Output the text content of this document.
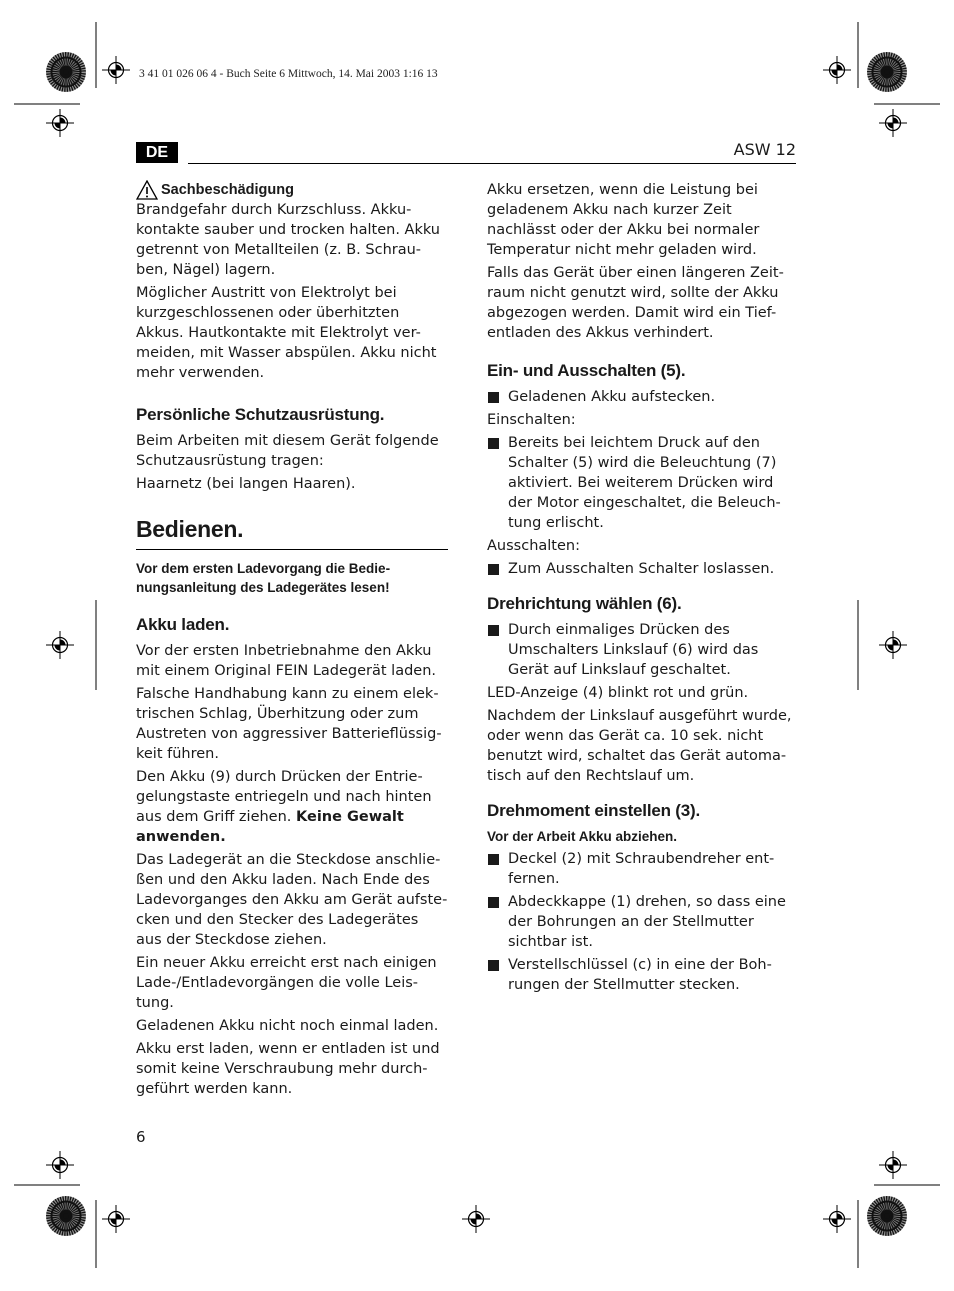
3 41 01 026 06 4 - Buch Seite 6 Mittwoch, 14. Mai 2003 1:16 13
DE	ASW 12
Sachbeschädigung

Brandgefahr durch Kurzschluss. Akku-kontakte sauber und trocken halten. Akku getrennt von Metallteilen (z. B. Schrau-ben, Nägel) lagern.

Möglicher Austritt von Elektrolyt bei kurzgeschlossenen oder überhitzten Akkus. Hautkontakte mit Elektrolyt ver-meiden, mit Wasser abspülen. Akku nicht mehr verwenden.

Persönliche Schutzausrüstung.

Beim Arbeiten mit diesem Gerät folgende Schutzausrüstung tragen:

Haarnetz (bei langen Haaren).

Bedienen.
Vor dem ersten Ladevorgang die Bedie-nungsanleitung des Ladegerätes lesen!
Akku laden.

Vor der ersten Inbetriebnahme den Akku mit einem Original FEIN Ladegerät laden.

Falsche Handhabung kann zu einem elek-trischen Schlag, Überhitzung oder zum Austreten von aggressiver Batterieflüssig-keit führen.

Den Akku (9) durch Drücken der Entrie-gelungstaste entriegeln und nach hinten aus dem Griff ziehen. Keine Gewalt anwenden.

Das Ladegerät an die Steckdose anschlie-ßen und den Akku laden. Nach Ende des Ladevorganges den Akku am Gerät aufste-cken und den Stecker des Ladegerätes aus der Steckdose ziehen.

Ein neuer Akku erreicht erst nach einigen Lade-/Entladevorgängen die volle Leis-tung.

Geladenen Akku nicht noch einmal laden.

Akku erst laden, wenn er entladen ist und somit keine Verschraubung mehr durch-geführt werden kann.

Akku ersetzen, wenn die Leistung bei geladenem Akku nach kurzer Zeit nachlässt oder der Akku bei normaler Temperatur nicht mehr geladen wird.

Falls das Gerät über einen längeren Zeit-raum nicht genutzt wird, sollte der Akku abgezogen werden. Damit wird ein Tief-entladen des Akkus verhindert.

Ein- und Ausschalten (5).
Geladenen Akku aufstecken.

Einschalten:

Bereits bei leichtem Druck auf den Schalter (5) wird die Beleuchtung (7) aktiviert. Bei weiterem Drücken wird der Motor eingeschaltet, die Beleuch-tung erlischt.

Ausschalten:

Zum Ausschalten Schalter loslassen.
Drehrichtung wählen (6).
Durch einmaliges Drücken des Umschalters Linkslauf (6) wird das Gerät auf Linkslauf geschaltet.

LED-Anzeige (4) blinkt rot und grün.

Nachdem der Linkslauf ausgeführt wurde, oder wenn das Gerät ca. 10 sek. nicht benutzt wird, schaltet das Gerät automa-tisch auf den Rechtslauf um.

Drehmoment einstellen (3).
Vor der Arbeit Akku abziehen.
Deckel (2) mit Schraubendreher ent-fernen.
Abdeckkappe (1) drehen, so dass eine der Bohrungen an der Stellmutter sichtbar ist.
Verstellschlüssel (c) in eine der Boh-rungen der Stellmutter stecken.
6
